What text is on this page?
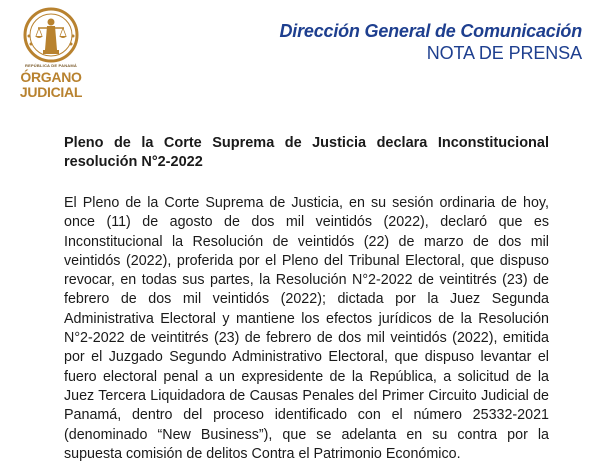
REPÚBLICA DE PANAMÁ
ÓRGANO
JUDICIAL
Dirección General de Comunicación
NOTA DE PRENSA
Pleno de la Corte Suprema de Justicia declara Inconstitucional resolución N°2-2022
El Pleno de la Corte Suprema de Justicia, en su sesión ordinaria de hoy, once (11) de agosto de dos mil veintidós (2022), declaró que es Inconstitucional la Resolución de veintidós (22) de marzo de dos mil veintidós (2022), proferida por el Pleno del Tribunal Electoral, que dispuso revocar, en todas sus partes, la Resolución N°2-2022 de veintitrés (23) de febrero de dos mil veintidós (2022); dictada por la Juez Segunda Administrativa Electoral y mantiene los efectos jurídicos de la Resolución N°2-2022 de veintitrés (23) de febrero de dos mil veintidós (2022), emitida por el Juzgado Segundo Administrativo Electoral, que dispuso levantar el fuero electoral penal a un expresidente de la República, a solicitud de la Juez Tercera Liquidadora de Causas Penales del Primer Circuito Judicial de Panamá, dentro del proceso identificado con el número 25332-2021 (denominado “New Business”), que se adelanta en su contra por la supuesta comisión de delitos Contra el Patrimonio Económico.
